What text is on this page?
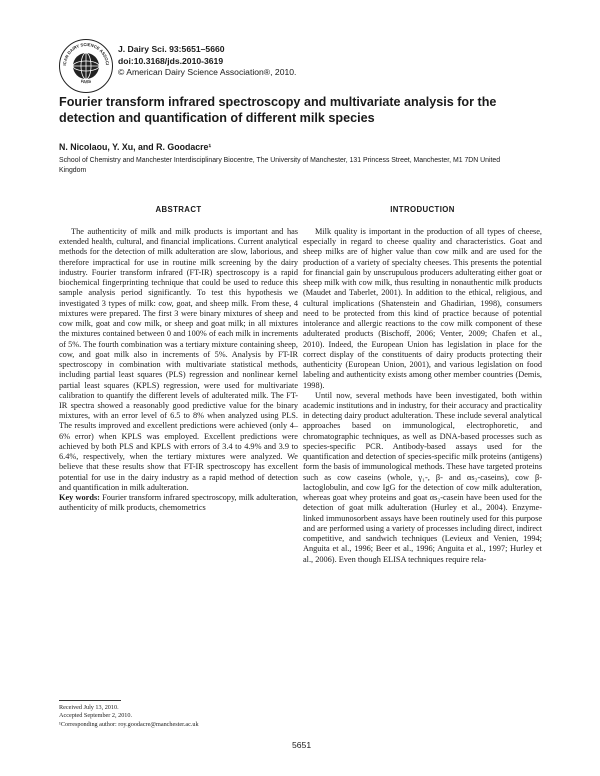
ICAN DAIRY SCIENCE ASSOCI
FASS
J. Dairy Sci. 93:5651–5660
doi:10.3168/jds.2010-3619
© American Dairy Science Association®, 2010.
Fourier transform infrared spectroscopy and multivariate analysis for the detection and quantification of different milk species
N. Nicolaou, Y. Xu, and R. Goodacre¹
School of Chemistry and Manchester Interdisciplinary Biocentre, The University of Manchester, 131 Princess Street, Manchester, M1 7DN United Kingdom
ABSTRACT

The authenticity of milk and milk products is important and has extended health, cultural, and financial implications. Current analytical methods for the detection of milk adulteration are slow, laborious, and therefore impractical for use in routine milk screening by the dairy industry. Fourier transform infrared (FT-IR) spectroscopy is a rapid biochemical fingerprinting technique that could be used to reduce this sample analysis period significantly. To test this hypothesis we investigated 3 types of milk: cow, goat, and sheep milk. From these, 4 mixtures were prepared. The first 3 were binary mixtures of sheep and cow milk, goat and cow milk, or sheep and goat milk; in all mixtures the mixtures contained between 0 and 100% of each milk in increments of 5%. The fourth combination was a tertiary mixture containing sheep, cow, and goat milk also in increments of 5%. Analysis by FT-IR spectroscopy in combination with multivariate statistical methods, including partial least squares (PLS) regression and nonlinear kernel partial least squares (KPLS) regression, were used for multivariate calibration to quantify the different levels of adulterated milk. The FT-IR spectra showed a reasonably good predictive value for the binary mixtures, with an error level of 6.5 to 8% when analyzed using PLS. The results improved and excellent predictions were achieved (only 4–6% error) when KPLS was employed. Excellent predictions were achieved by both PLS and KPLS with errors of 3.4 to 4.9% and 3.9 to 6.4%, respectively, when the tertiary mixtures were analyzed. We believe that these results show that FT-IR spectroscopy has excellent potential for use in the dairy industry as a rapid method of detection and quantification in milk adulteration.

Key words: Fourier transform infrared spectroscopy, milk adulteration, authenticity of milk products, chemometrics

Received July 13, 2010.
Accepted September 2, 2010.
¹Corresponding author: roy.goodacre@manchester.ac.uk
INTRODUCTION

Milk quality is important in the production of all types of cheese, especially in regard to cheese quality and characteristics. Goat and sheep milks are of higher value than cow milk and are used for the production of a variety of specialty cheeses. This presents the potential for financial gain by unscrupulous producers adulterating either goat or sheep milk with cow milk, thus resulting in nonauthentic milk products (Maudet and Taberlet, 2001). In addition to the ethical, religious, and cultural implications (Shatenstein and Ghadirian, 1998), consumers need to be protected from this kind of practice because of potential intolerance and allergic reactions to the cow milk component of these adulterated products (Bischoff, 2006; Venter, 2009; Chafen et al., 2010). Indeed, the European Union has legislation in place for the correct display of the constituents of dairy products protecting their authenticity (European Union, 2001), and various legislation on food labeling and authenticity exists among other member countries (Demis, 1998).

Until now, several methods have been investigated, both within academic institutions and in industry, for their accuracy and practicality in detecting dairy product adulteration. These include several analytical approaches based on immunological, electrophoretic, and chromatographic techniques, as well as DNA-based processes such as species-specific PCR. Antibody-based assays used for the quantification and detection of species-specific milk proteins (antigens) form the basis of immunological methods. These have targeted proteins such as cow caseins (whole, γ₁-, β- and αs₂-caseins), cow β-lactoglobulin, and cow IgG for the detection of cow milk adulteration, whereas goat whey proteins and goat αs₂-casein have been used for the detection of goat milk adulteration (Hurley et al., 2004). Enzyme-linked immunosorbent assays have been routinely used for this purpose and are performed using a variety of processes including direct, indirect competitive, and sandwich techniques (Levieux and Venien, 1994; Anguita et al., 1996; Beer et al., 1996; Anguita et al., 1997; Hurley et al., 2006). Even though ELISA techniques require rela-

5651
